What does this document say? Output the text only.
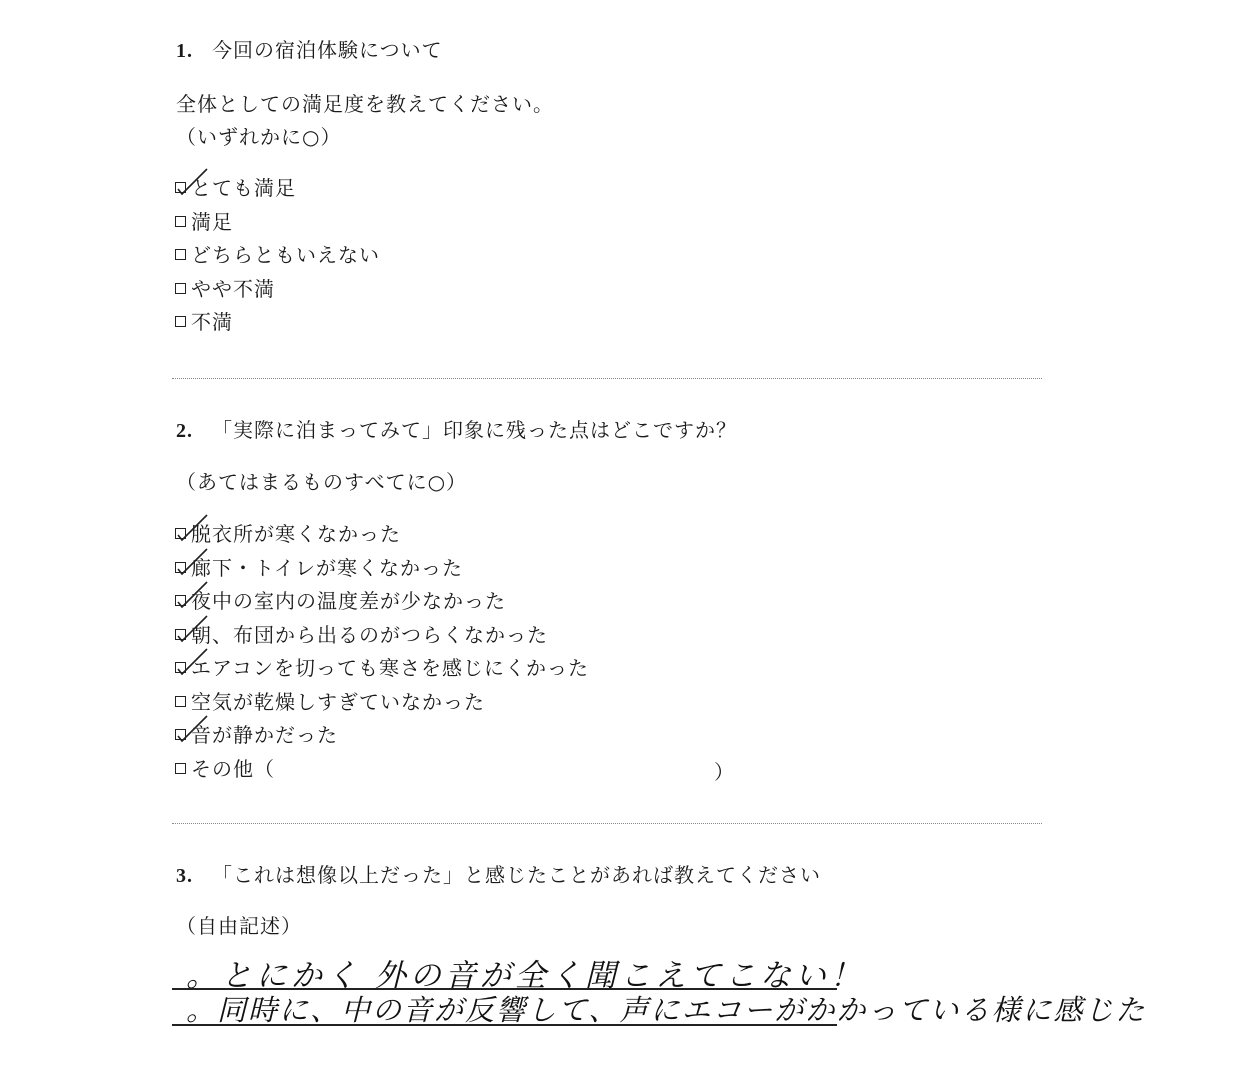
1. 今回の宿泊体験について
全体としての満足度を教えてください。
（いずれかに○）
とても満足
満足
どちらともいえない
やや不満
不満
2. 「実際に泊まってみて」印象に残った点はどこですか？
（あてはまるものすべてに○）
脱衣所が寒くなかった
廊下・トイレが寒くなかった
夜中の室内の温度差が少なかった
朝、布団から出るのがつらくなかった
エアコンを切っても寒さを感じにくかった
空気が乾燥しすぎていなかった
音が静かだった
その他（	）
3. 「これは想像以上だった」と感じたことがあれば教えてください
（自由記述）
。とにかく 外の音が全く聞こえてこない！
。同時に、中の音が反響して、声にエコーがかかっている様に感じた
